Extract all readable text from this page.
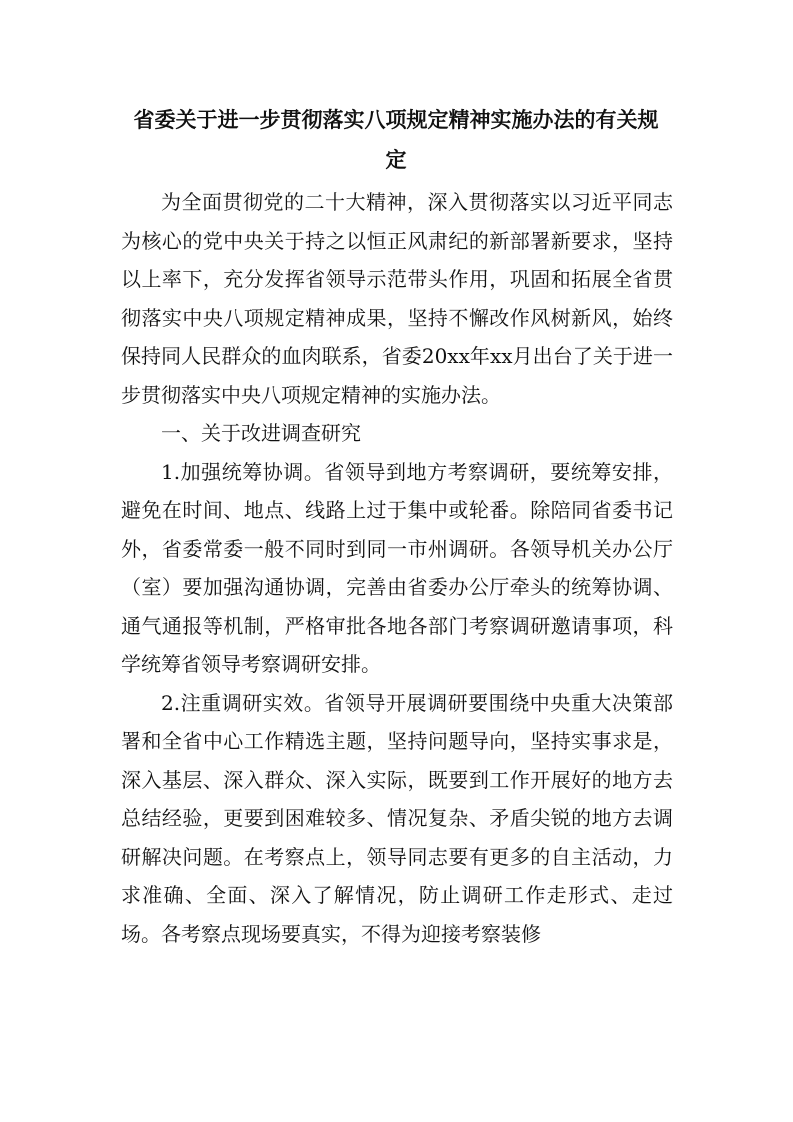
省委关于进一步贯彻落实八项规定精神实施办法的有关规
定

为全面贯彻党的二十大精神，深入贯彻落实以习近平同志为核心的党中央关于持之以恒正风肃纪的新部署新要求，坚持以上率下，充分发挥省领导示范带头作用，巩固和拓展全省贯彻落实中央八项规定精神成果，坚持不懈改作风树新风，始终保持同人民群众的血肉联系，省委20xx年xx月出台了关于进一步贯彻落实中央八项规定精神的实施办法。

一、关于改进调查研究

1.加强统筹协调。省领导到地方考察调研，要统筹安排，避免在时间、地点、线路上过于集中或轮番。除陪同省委书记外，省委常委一般不同时到同一市州调研。各领导机关办公厅（室）要加强沟通协调，完善由省委办公厅牵头的统筹协调、通气通报等机制，严格审批各地各部门考察调研邀请事项，科学统筹省领导考察调研安排。

2.注重调研实效。省领导开展调研要围绕中央重大决策部署和全省中心工作精选主题，坚持问题导向，坚持实事求是，深入基层、深入群众、深入实际，既要到工作开展好的地方去总结经验，更要到困难较多、情况复杂、矛盾尖锐的地方去调研解决问题。在考察点上，领导同志要有更多的自主活动，力求准确、全面、深入了解情况，防止调研工作走形式、走过场。各考察点现场要真实，不得为迎接考察装修
